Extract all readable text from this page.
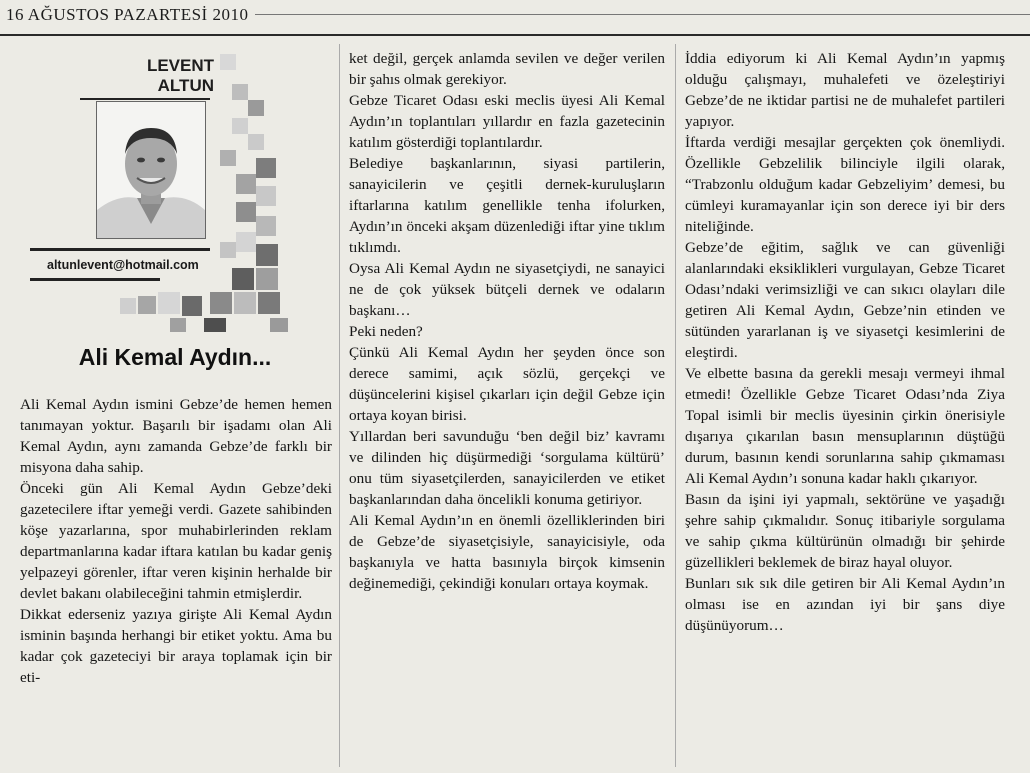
16 AĞUSTOS PAZARTESİ 2010
LEVENT
ALTUN
altunlevent@hotmail.com
Ali Kemal Aydın...

Ali Kemal Aydın ismini Gebze’de hemen hemen tanımayan yoktur. Başarılı bir işadamı olan Ali Kemal Aydın, aynı zamanda Gebze’de farklı bir misyona daha sahip.

Önceki gün Ali Kemal Aydın Gebze’deki gazetecilere iftar yemeği verdi. Gazete sahibinden köşe yazarlarına, spor muhabirlerinden reklam departmanlarına kadar iftara katılan bu kadar geniş yelpazeyi görenler, iftar veren kişinin herhalde bir devlet bakanı olabileceğini tahmin etmişlerdir.

Dikkat ederseniz yazıya girişte Ali Kemal Aydın isminin başında herhangi bir etiket yoktu. Ama bu kadar çok gazeteciyi bir araya toplamak için bir eti-

ket değil, gerçek anlamda sevilen ve değer verilen bir şahıs olmak gerekiyor.

Gebze Ticaret Odası eski meclis üyesi Ali Kemal Aydın’ın toplantıları yıllardır en fazla gazetecinin katılım gösterdiği toplantılardır.

Belediye başkanlarının, siyasi partilerin, sanayicilerin ve çeşitli dernek-kuruluşların iftarlarına katılım genellikle tenha ifolurken, Aydın’ın önceki akşam düzenlediği iftar yine tıklım tıklımdı.

Oysa Ali Kemal Aydın ne siyasetçiydi, ne sanayici ne de çok yüksek bütçeli dernek ve odaların başkanı…

Peki neden?

Çünkü Ali Kemal Aydın her şeyden önce son derece samimi, açık sözlü, gerçekçi ve düşüncelerini kişisel çıkarları için değil Gebze için ortaya koyan birisi.

Yıllardan beri savunduğu ‘ben değil biz’ kavramı ve dilinden hiç düşürmediği ‘sorgulama kültürü’ onu tüm siyasetçilerden, sanayicilerden ve etiket başkanlarından daha öncelikli konuma getiriyor.

Ali Kemal Aydın’ın en önemli özelliklerinden biri de Gebze’de siyasetçisiyle, sanayicisiyle, oda başkanıyla ve hatta basınıyla birçok kimsenin değinemediği, çekindiği konuları ortaya koymak.

İddia ediyorum ki Ali Kemal Aydın’ın yapmış olduğu çalışmayı, muhalefeti ve özeleştiriyi Gebze’de ne iktidar partisi ne de muhalefet partileri yapıyor.

İftarda verdiği mesajlar gerçekten çok önemliydi. Özellikle Gebzelilik bilinciyle ilgili olarak, “Trabzonlu olduğum kadar Gebzeliyim’ demesi, bu cümleyi kuramayanlar için son derece iyi bir ders niteliğinde.

Gebze’de eğitim, sağlık ve can güvenliği alanlarındaki eksiklikleri vurgulayan, Gebze Ticaret Odası’ndaki verimsizliği ve can sıkıcı olayları dile getiren Ali Kemal Aydın, Gebze’nin etinden ve sütünden yararlanan iş ve siyasetçi kesimlerini de eleştirdi.

Ve elbette basına da gerekli mesajı vermeyi ihmal etmedi! Özellikle Gebze Ticaret Odası’nda Ziya Topal isimli bir meclis üyesinin çirkin önerisiyle dışarıya çıkarılan basın mensuplarının düştüğü durum, basının kendi sorunlarına sahip çıkmaması Ali Kemal Aydın’ı sonuna kadar haklı çıkarıyor.

Basın da işini iyi yapmalı, sektörüne ve yaşadığı şehre sahip çıkmalıdır. Sonuç itibariyle sorgulama ve sahip çıkma kültürünün olmadığı bir şehirde güzellikleri beklemek de biraz hayal oluyor.

Bunları sık sık dile getiren bir Ali Kemal Aydın’ın olması ise en azından iyi bir şans diye düşünüyorum…
